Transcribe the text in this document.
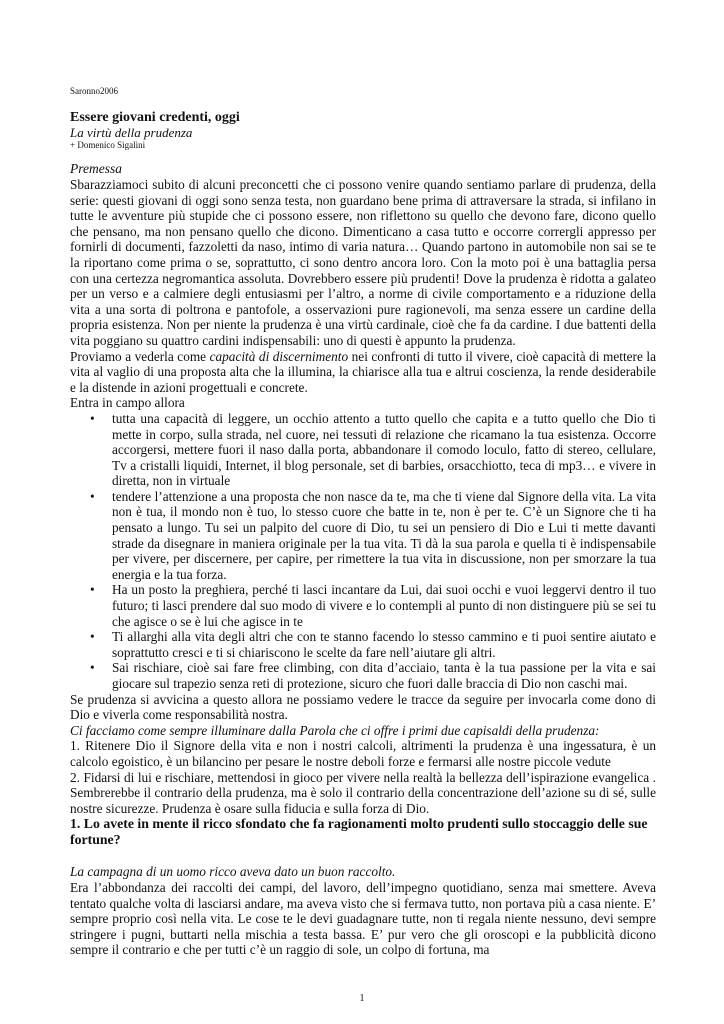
Saronno2006
Essere giovani credenti, oggi
La virtù della prudenza
+ Domenico Sigalini
Premessa

Sbarazziamoci subito di alcuni preconcetti che ci possono venire quando sentiamo parlare di prudenza, della serie: questi giovani di oggi sono senza testa, non guardano bene prima di attraversare la strada, si infilano in tutte le avventure più stupide che ci possono essere, non riflettono su quello che devono fare, dicono quello che pensano, ma non pensano quello che dicono. Dimenticano a casa tutto e occorre corrergli appresso per fornirli di documenti, fazzoletti da naso, intimo di varia natura… Quando partono in automobile non sai se te la riportano come prima o se, soprattutto, ci sono dentro ancora loro. Con la moto poi è una battaglia persa con una certezza negromantica assoluta. Dovrebbero essere più prudenti! Dove la prudenza è ridotta a galateo per un verso e a calmiere degli entusiasmi per l’altro, a norme di civile comportamento e a riduzione della vita a una sorta di poltrona e pantofole, a osservazioni pure ragionevoli, ma senza essere un cardine della propria esistenza. Non per niente la prudenza è una virtù cardinale, cioè che fa da cardine. I due battenti della vita poggiano su quattro cardini indispensabili: uno di questi è appunto la prudenza.

Proviamo a vederla come capacità di discernimento nei confronti di tutto il vivere, cioè capacità di mettere la vita al vaglio di una proposta alta che la illumina, la chiarisce alla tua e altrui coscienza, la rende desiderabile e la distende in azioni progettuali e concrete.

Entra in campo allora

• tutta una capacità di leggere, un occhio attento a tutto quello che capita e a tutto quello che Dio ti mette in corpo, sulla strada, nel cuore, nei tessuti di relazione che ricamano la tua esistenza. Occorre accorgersi, mettere fuori il naso dalla porta, abbandonare il comodo loculo, fatto di stereo, cellulare, Tv a cristalli liquidi, Internet, il blog personale, set di barbies, orsacchiotto, teca di mp3… e vivere in diretta, non in virtuale
• tendere l’attenzione a una proposta che non nasce da te, ma che ti viene dal Signore della vita. La vita non è tua, il mondo non è tuo, lo stesso cuore che batte in te, non è per te. C’è un Signore che ti ha pensato a lungo. Tu sei un palpito del cuore di Dio, tu sei un pensiero di Dio e Lui ti mette davanti strade da disegnare in maniera originale per la tua vita. Ti dà la sua parola e quella ti è indispensabile per vivere, per discernere, per capire, per rimettere la tua vita in discussione, non per smorzare la tua energia e la tua forza.
• Ha un posto la preghiera, perché ti lasci incantare da Lui, dai suoi occhi e vuoi leggervi dentro il tuo futuro; ti lasci prendere dal suo modo di vivere e lo contempli al punto di non distinguere più se sei tu che agisce o se è lui che agisce in te
• Ti allarghi alla vita degli altri che con te stanno facendo lo stesso cammino e ti puoi sentire aiutato e soprattutto cresci e ti si chiariscono le scelte da fare nell’aiutare gli altri.
• Sai rischiare, cioè sai fare free climbing, con dita d’acciaio, tanta è la tua passione per la vita e sai giocare sul trapezio senza reti di protezione, sicuro che fuori dalle braccia di Dio non caschi mai.

Se prudenza si avvicina a questo allora ne possiamo vedere le tracce da seguire per invocarla come dono di Dio e viverla come responsabilità nostra.

Ci facciamo come sempre illuminare dalla Parola che ci offre i primi due capisaldi della prudenza:

1. Ritenere Dio il Signore della vita e non i nostri calcoli, altrimenti la prudenza è una ingessatura, è un calcolo egoistico, è un bilancino per pesare le nostre deboli forze e fermarsi alle nostre piccole vedute

2. Fidarsi di lui e rischiare, mettendosi in gioco per vivere nella realtà la bellezza dell’ispirazione evangelica . Sembrerebbe il contrario della prudenza, ma è solo il contrario della concentrazione dell’azione su di sé, sulle nostre sicurezze. Prudenza è osare sulla fiducia e sulla forza di Dio.

1. Lo avete in mente il ricco sfondato che fa ragionamenti molto prudenti sullo stoccaggio delle sue fortune?
La campagna di un uomo ricco aveva dato un buon raccolto.

Era l’abbondanza dei raccolti dei campi, del lavoro, dell’impegno quotidiano, senza mai smettere. Aveva tentato qualche volta di lasciarsi andare, ma aveva visto che si fermava tutto, non portava più a casa niente. E’ sempre proprio così nella vita. Le cose te le devi guadagnare tutte, non ti regala niente nessuno, devi sempre stringere i pugni, buttarti nella mischia a testa bassa. E’ pur vero che gli oroscopi e la pubblicità dicono sempre il contrario e che per tutti c’è un raggio di sole, un colpo di fortuna, ma

1
